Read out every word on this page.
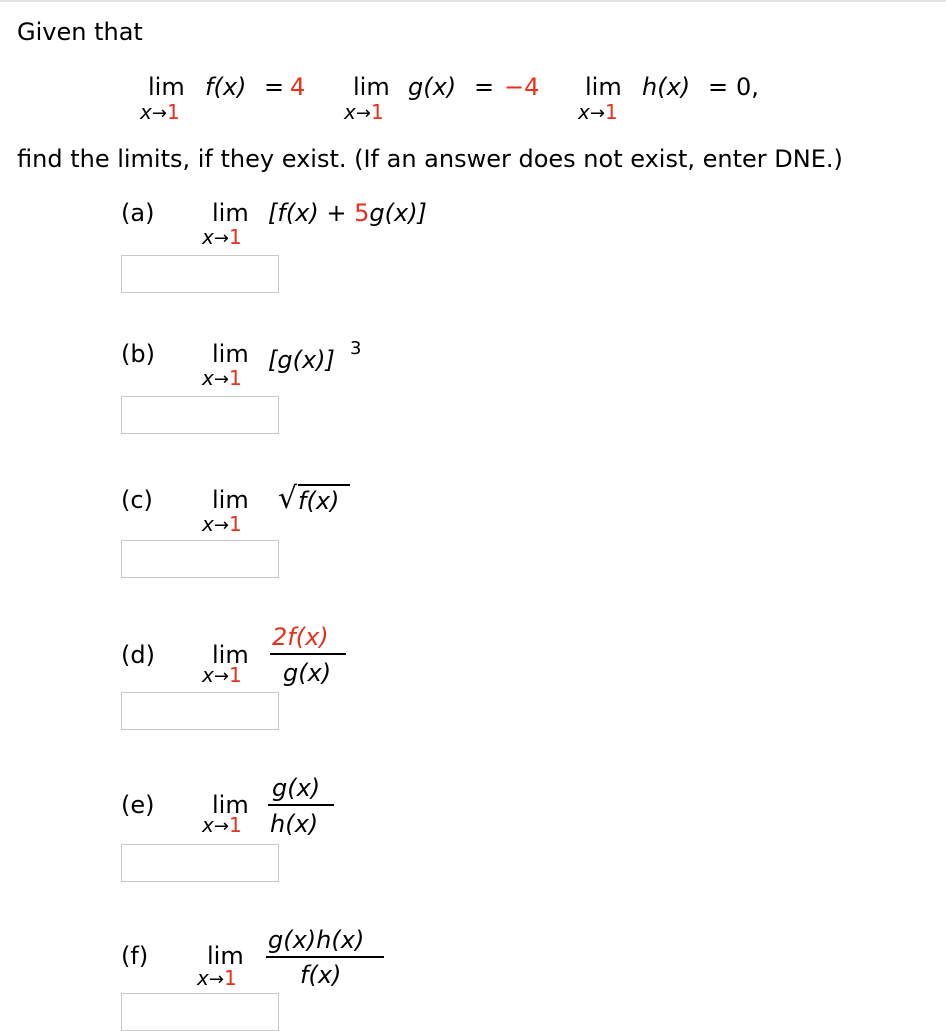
Given that
lim f(x) = 4
x→1
lim g(x) = −4
x→1
lim h(x) = 0,
x→1
find the limits, if they exist. (If an answer does not exist, enter DNE.)
(a) lim
x→1
[f(x) + 5g(x)]
(b) lim
x→1
[g(x)] 3
(c) lim
x→1
√ f(x)
(d) lim
x→1
2f(x)
g(x)
(e) lim
x→1
g(x)
h(x)
(f) lim
x→1
g(x)h(x)
f(x)
